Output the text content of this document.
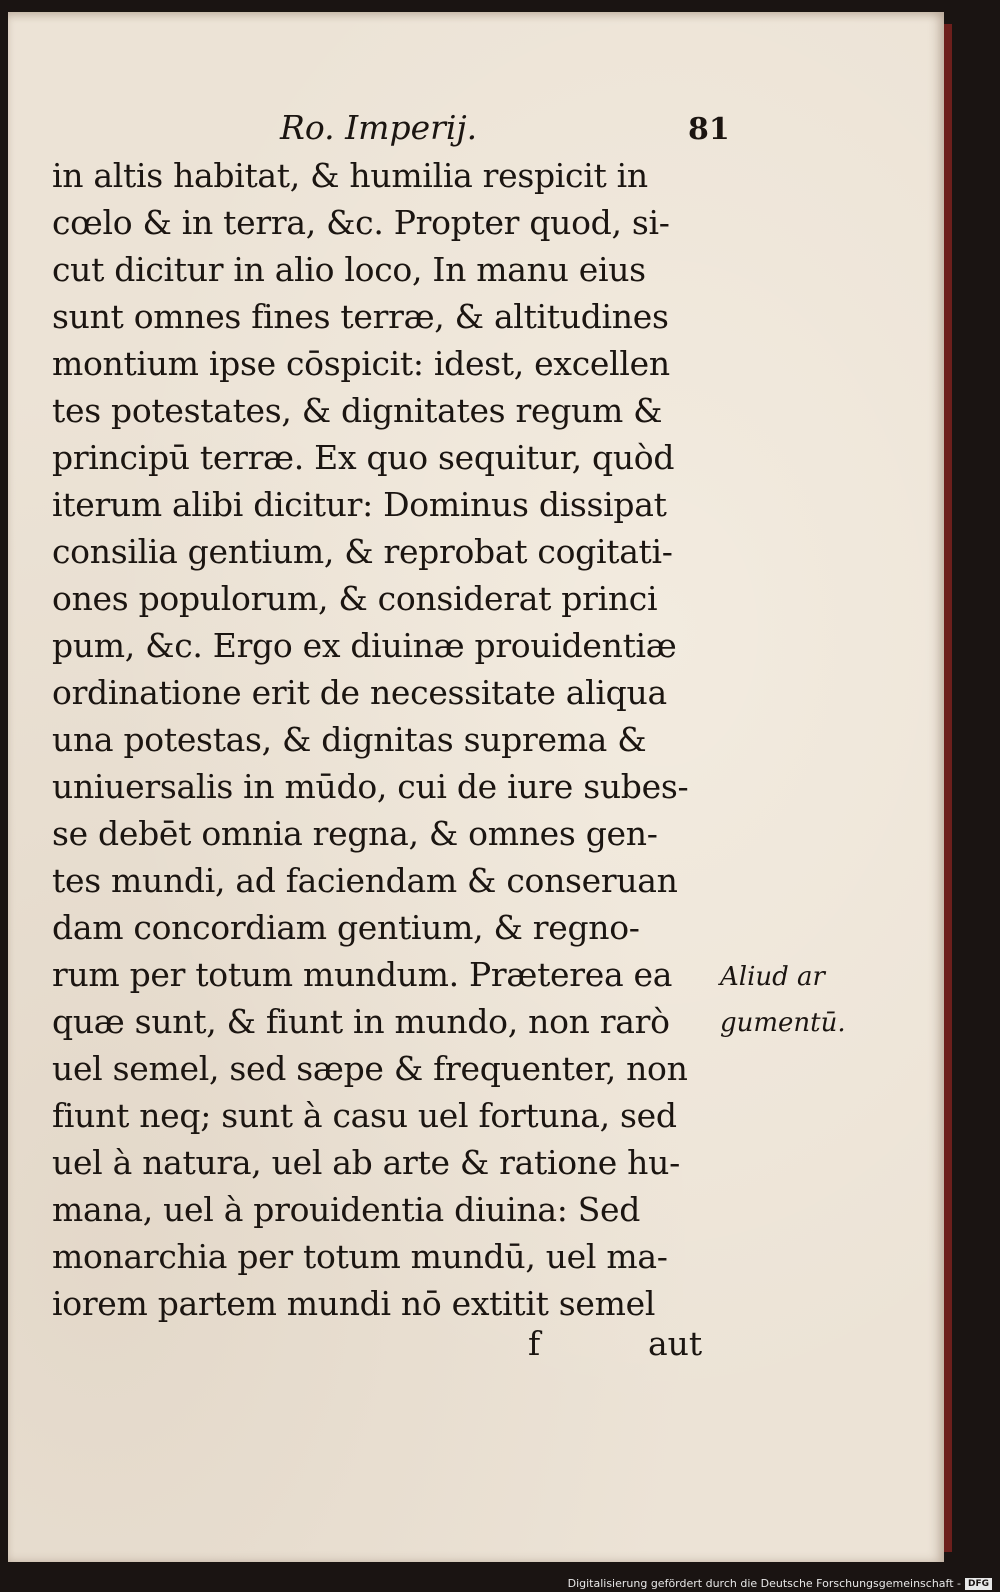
Ro. Imperij.	81
in altis habitat, & humilia respicit in
cœlo & in terra, &c. Propter quod, si-
cut dicitur in alio loco, In manu eius
sunt omnes fines terræ, & altitudines
montium ipse cōspicit: idest, excellen
tes potestates, & dignitates regum &
principū terræ. Ex quo sequitur, quòd
iterum alibi dicitur: Dominus dissipat
consilia gentium, & reprobat cogitati-
ones populorum, & considerat princi
pum, &c. Ergo ex diuinæ prouidentiæ
ordinatione erit de necessitate aliqua
una potestas, & dignitas suprema &
uniuersalis in mūdo, cui de iure subes-
se debēt omnia regna, & omnes gen-
tes mundi, ad faciendam & conseruan
dam concordiam gentium, & regno-
rum per totum mundum. Præterea ea
quæ sunt, & fiunt in mundo, non rarò
uel semel, sed sæpe & frequenter, non
fiunt neq; sunt à casu uel fortuna, sed
uel à natura, uel ab arte & ratione hu-
mana, uel à prouidentia diuina: Sed
monarchia per totum mundū, uel ma-
iorem partem mundi nō extitit semel
Aliud ar
gumentū.
f	aut
Digitalisierung gefördert durch die Deutsche Forschungsgemeinschaft - DFG
